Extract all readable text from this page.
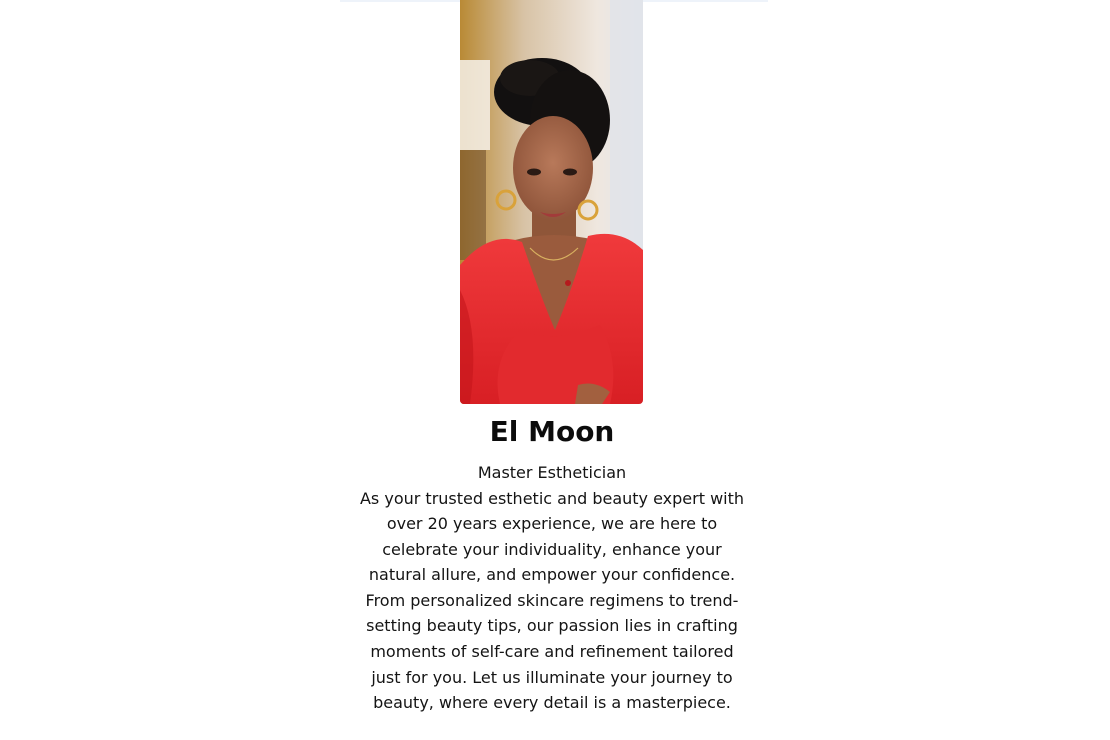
El Moon
Master Esthetician
As your trusted esthetic and beauty expert with
over 20 years experience, we are here to
celebrate your individuality, enhance your
natural allure, and empower your confidence.
From personalized skincare regimens to trend-
setting beauty tips, our passion lies in crafting
moments of self-care and refinement tailored
just for you. Let us illuminate your journey to
beauty, where every detail is a masterpiece.
